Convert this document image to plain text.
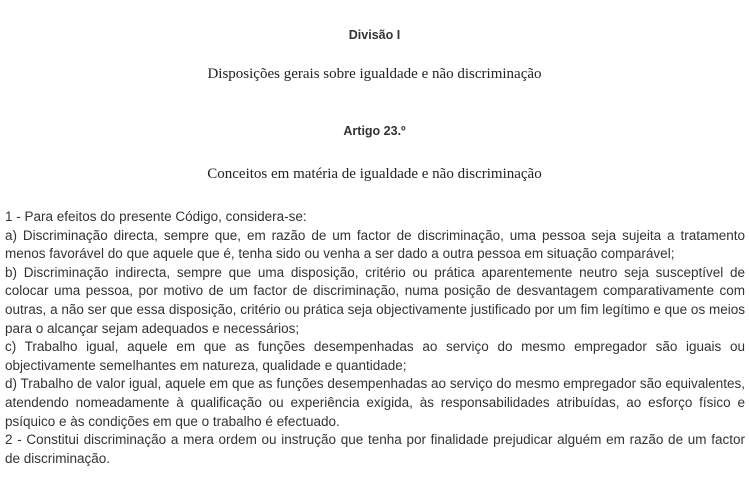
Divisão I
Disposições gerais sobre igualdade e não discriminação
Artigo 23.º
Conceitos em matéria de igualdade e não discriminação

1 - Para efeitos do presente Código, considera-se:

a) Discriminação directa, sempre que, em razão de um factor de discriminação, uma pessoa seja sujeita a tratamento menos favorável do que aquele que é, tenha sido ou venha a ser dado a outra pessoa em situação comparável;

b) Discriminação indirecta, sempre que uma disposição, critério ou prática aparentemente neutro seja susceptível de colocar uma pessoa, por motivo de um factor de discriminação, numa posição de desvantagem comparativamente com outras, a não ser que essa disposição, critério ou prática seja objectivamente justificado por um fim legítimo e que os meios para o alcançar sejam adequados e necessários;

c) Trabalho igual, aquele em que as funções desempenhadas ao serviço do mesmo empregador são iguais ou objectivamente semelhantes em natureza, qualidade e quantidade;

d) Trabalho de valor igual, aquele em que as funções desempenhadas ao serviço do mesmo empregador são equivalentes, atendendo nomeadamente à qualificação ou experiência exigida, às responsabilidades atribuídas, ao esforço físico e psíquico e às condições em que o trabalho é efectuado.

2 - Constitui discriminação a mera ordem ou instrução que tenha por finalidade prejudicar alguém em razão de um factor de discriminação.
